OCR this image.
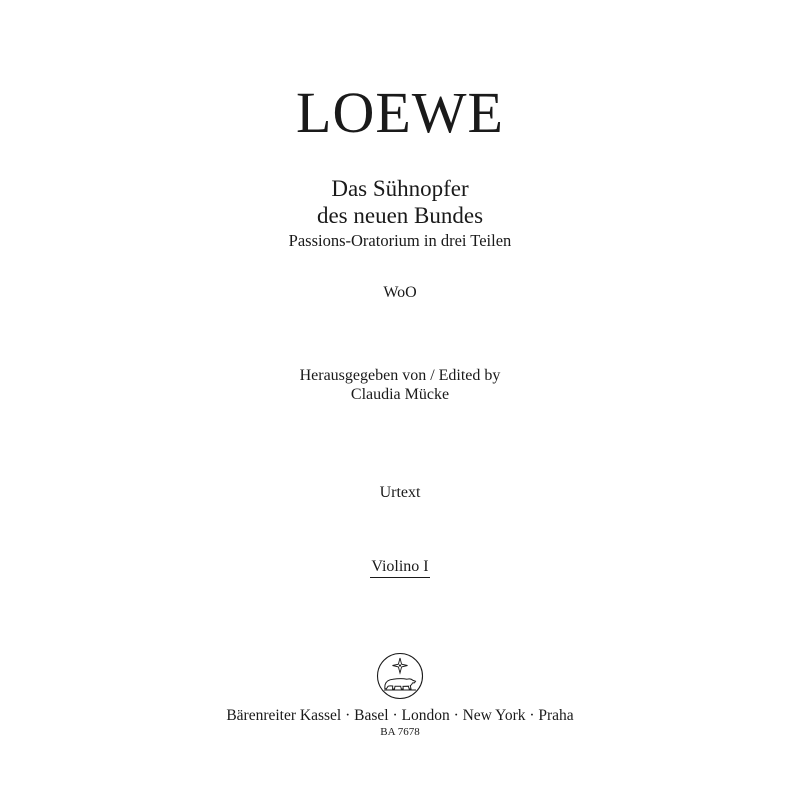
LOEWE
Das Sühnopfer
des neuen Bundes
Passions-Oratorium in drei Teilen
WoO
Herausgegeben von / Edited by
Claudia Mücke
Urtext
Violino I
Bärenreiter Kassel · Basel · London · New York · Praha
BA 7678
